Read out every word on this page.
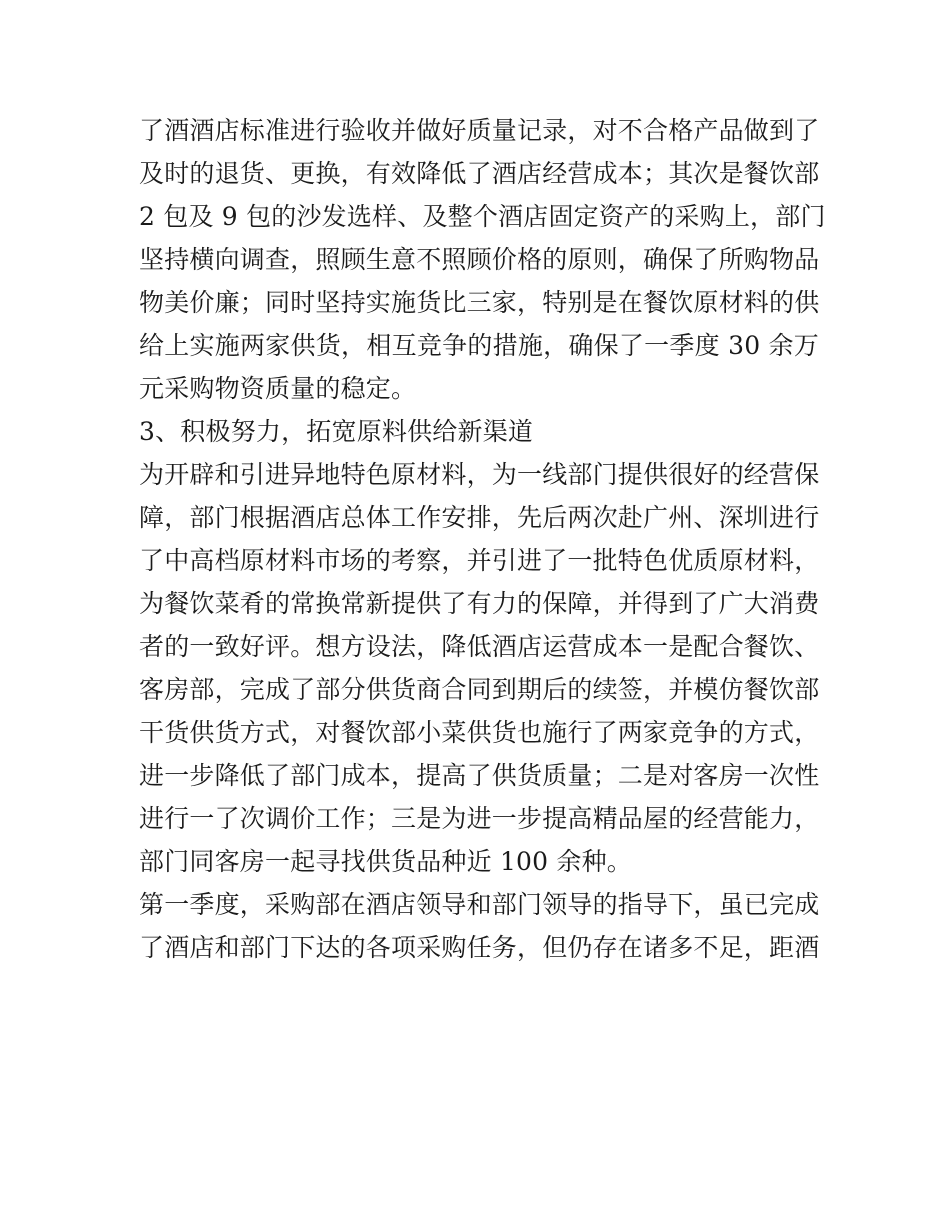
了酒酒店标准进行验收并做好质量记录，对不合格产品做到了
及时的退货、更换，有效降低了酒店经营成本；其次是餐饮部
2 包及 9 包的沙发选样、及整个酒店固定资产的采购上，部门
坚持横向调查，照顾生意不照顾价格的原则，确保了所购物品
物美价廉；同时坚持实施货比三家，特别是在餐饮原材料的供
给上实施两家供货，相互竞争的措施，确保了一季度 30 余万
元采购物资质量的稳定。
3、积极努力，拓宽原料供给新渠道
为开辟和引进异地特色原材料，为一线部门提供很好的经营保
障，部门根据酒店总体工作安排，先后两次赴广州、深圳进行
了中高档原材料市场的考察，并引进了一批特色优质原材料，
为餐饮菜肴的常换常新提供了有力的保障，并得到了广大消费
者的一致好评。想方设法，降低酒店运营成本一是配合餐饮、
客房部，完成了部分供货商合同到期后的续签，并模仿餐饮部
干货供货方式，对餐饮部小菜供货也施行了两家竞争的方式，
进一步降低了部门成本，提高了供货质量；二是对客房一次性
进行一了次调价工作；三是为进一步提高精品屋的经营能力，
部门同客房一起寻找供货品种近 100 余种。
第一季度，采购部在酒店领导和部门领导的指导下，虽已完成
了酒店和部门下达的各项采购任务，但仍存在诸多不足，距酒
